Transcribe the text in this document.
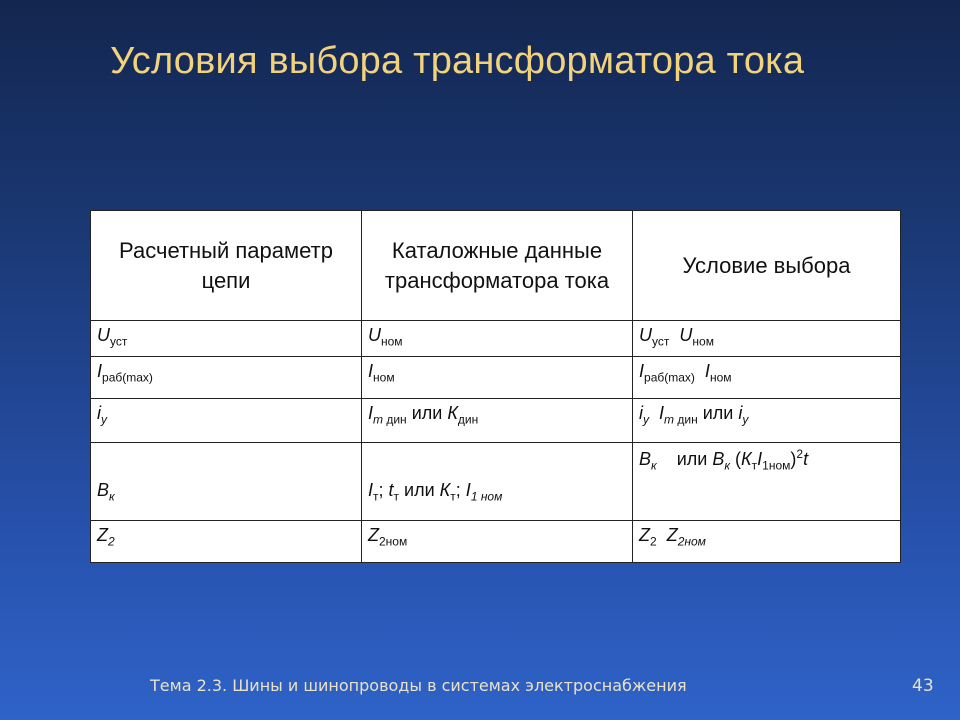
Условия выбора трансформатора тока
Расчетный параметр цепи	Каталожные данные трансформатора тока	Условие выбора
$U_{уст}$	$U_{ном}$	$U_{уст}$ $U_{ном}$
$I_{раб(max)}$	$I_{ном}$	$I_{раб(max)}$ $I_{ном}$
$i_у$	$I_{m дин}$ или $К_{дин}$	$i_у$ $I_{m дин}$ или $i_у$
$В_к$	$I_т$; $t_т$ или $К_т$; $I_{1 ном}$	$В_к$ или $В_к$ $(К_тI_{1ном})^2t$
$Z_2$	$Z_{2ном}$	$Z_2$ $Z_{2ном}$
Тема 2.3. Шины и шинопроводы в системах электроснабжения	43
